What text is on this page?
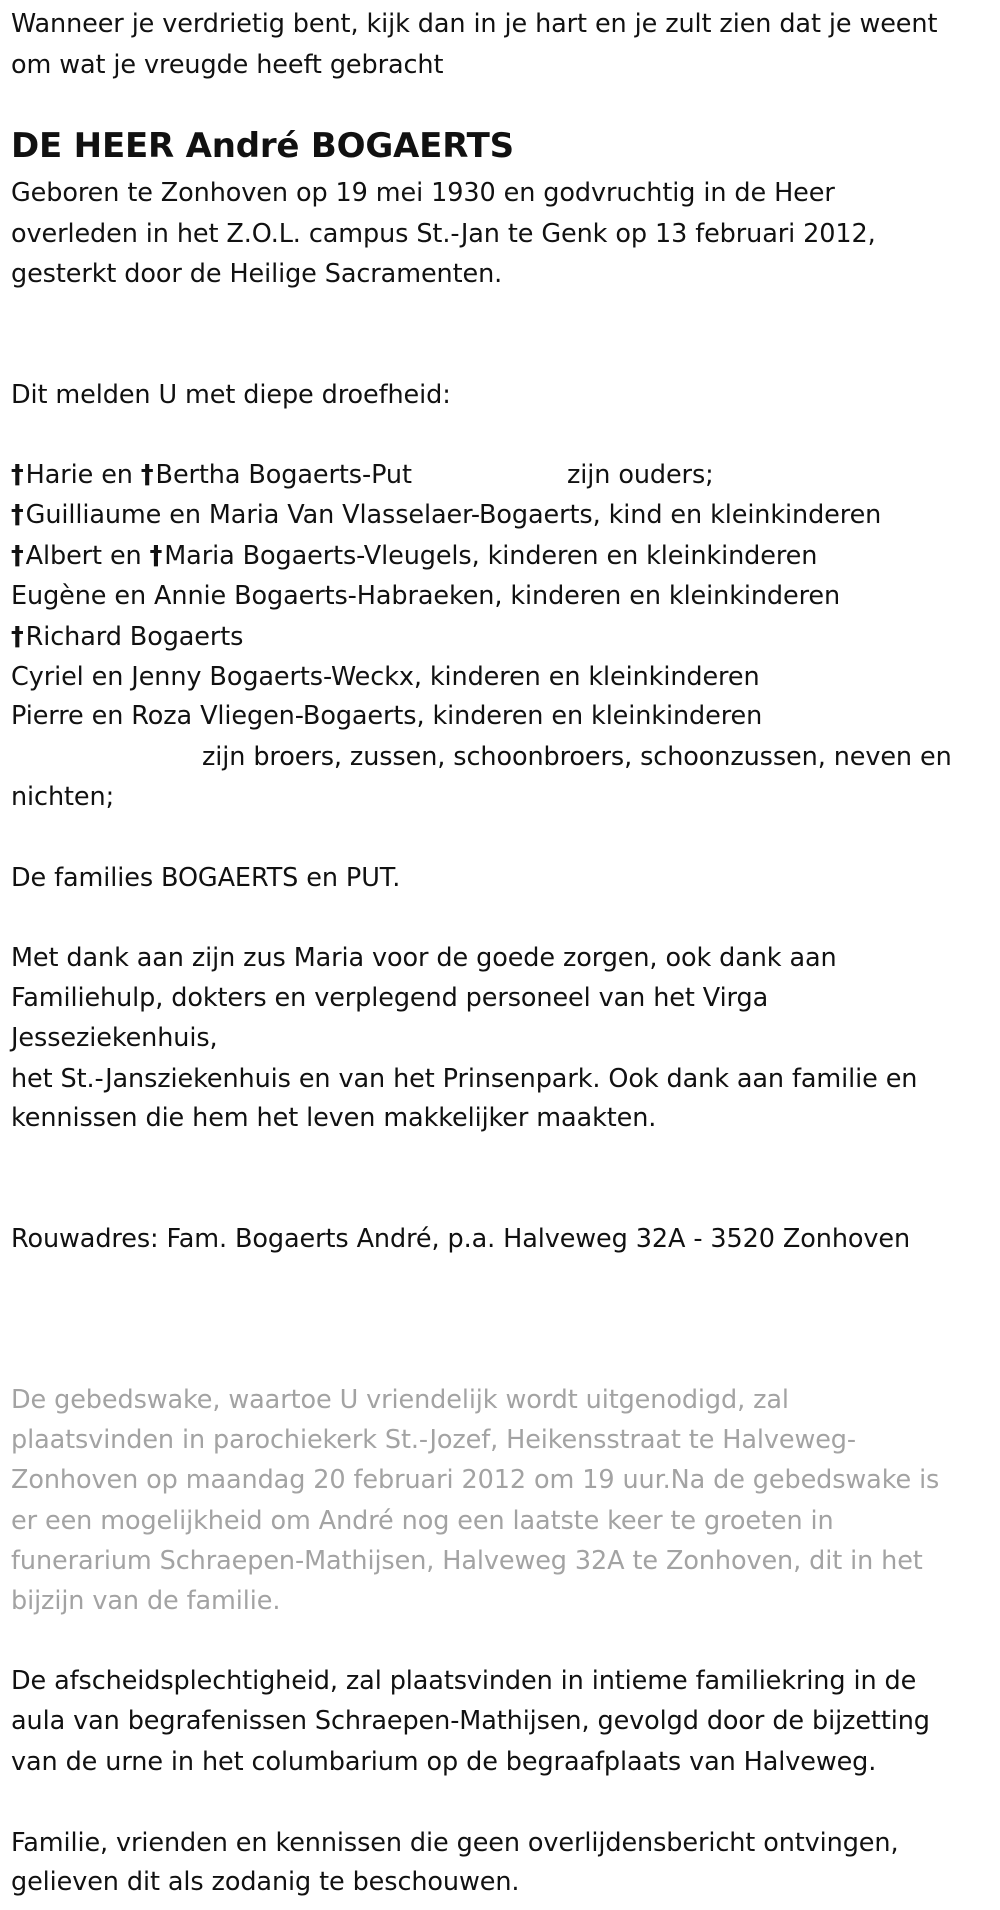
Wanneer je verdrietig bent, kijk dan in je hart en je zult zien dat je weent
om wat je vreugde heeft gebracht
DE HEER André BOGAERTS
Geboren te Zonhoven op 19 mei 1930 en godvruchtig in de Heer
overleden in het Z.O.L. campus St.-Jan te Genk op 13 februari 2012,
gesterkt door de Heilige Sacramenten.
Dit melden U met diepe droefheid:
†Harie en †Bertha Bogaerts-Put	zijn ouders;
†Guilliaume en Maria Van Vlasselaer-Bogaerts, kind en kleinkinderen
†Albert en †Maria Bogaerts-Vleugels, kinderen en kleinkinderen
Eugène en Annie Bogaerts-Habraeken, kinderen en kleinkinderen
†Richard Bogaerts
Cyriel en Jenny Bogaerts-Weckx, kinderen en kleinkinderen
Pierre en Roza Vliegen-Bogaerts, kinderen en kleinkinderen
zijn broers, zussen, schoonbroers, schoonzussen, neven en
nichten;
De families BOGAERTS en PUT.
Met dank aan zijn zus Maria voor de goede zorgen, ook dank aan
Familiehulp, dokters en verplegend personeel van het Virga
Jesseziekenhuis,
het St.-Jansziekenhuis en van het Prinsenpark. Ook dank aan familie en
kennissen die hem het leven makkelijker maakten.
Rouwadres: Fam. Bogaerts André, p.a. Halveweg 32A - 3520 Zonhoven
De gebedswake, waartoe U vriendelijk wordt uitgenodigd, zal
plaatsvinden in parochiekerk St.-Jozef, Heikensstraat te Halveweg-
Zonhoven op maandag 20 februari 2012 om 19 uur.Na de gebedswake is
er een mogelijkheid om André nog een laatste keer te groeten in
funerarium Schraepen-Mathijsen, Halveweg 32A te Zonhoven, dit in het
bijzijn van de familie.
De afscheidsplechtigheid, zal plaatsvinden in intieme familiekring in de
aula van begrafenissen Schraepen-Mathijsen, gevolgd door de bijzetting
van de urne in het columbarium op de begraafplaats van Halveweg.
Familie, vrienden en kennissen die geen overlijdensbericht ontvingen,
gelieven dit als zodanig te beschouwen.
